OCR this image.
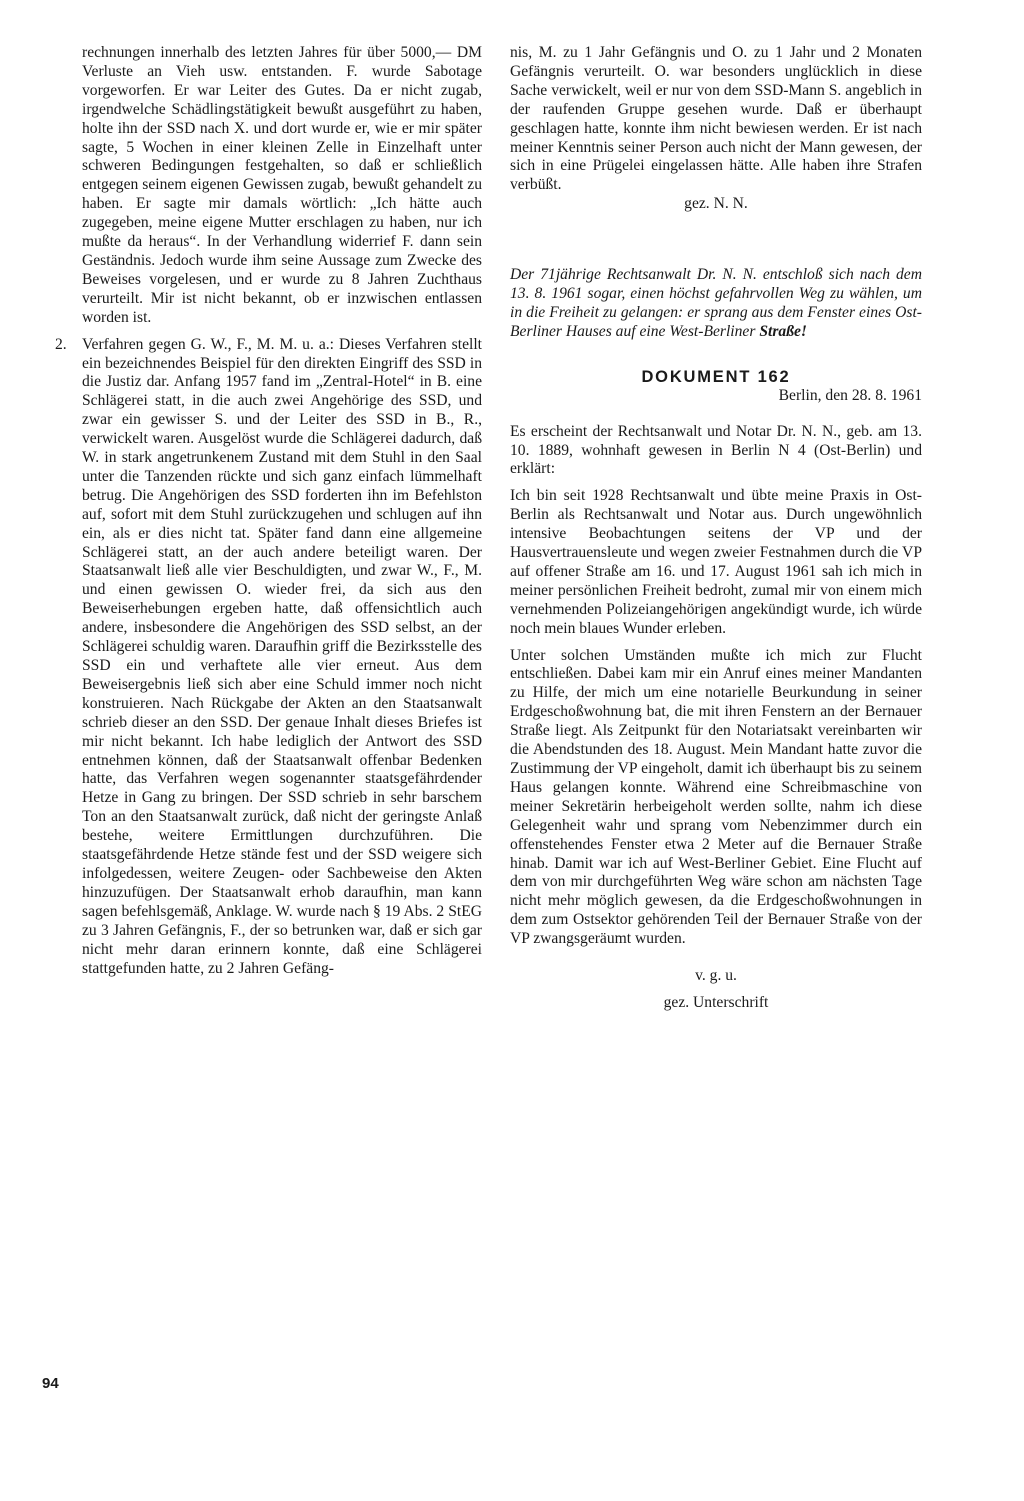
rechnungen innerhalb des letzten Jahres für über 5000,— DM Verluste an Vieh usw. entstanden. F. wurde Sabotage vorgeworfen. Er war Leiter des Gutes. Da er nicht zugab, irgendwelche Schädlingstätigkeit bewußt ausgeführt zu haben, holte ihn der SSD nach X. und dort wurde er, wie er mir später sagte, 5 Wochen in einer kleinen Zelle in Einzelhaft unter schweren Bedingungen festgehalten, so daß er schließlich entgegen seinem eigenen Gewissen zugab, bewußt gehandelt zu haben. Er sagte mir damals wörtlich: „Ich hätte auch zugegeben, meine eigene Mutter erschlagen zu haben, nur ich mußte da heraus“. In der Verhandlung widerrief F. dann sein Geständnis. Jedoch wurde ihm seine Aussage zum Zwecke des Beweises vorgelesen, und er wurde zu 8 Jahren Zuchthaus verurteilt. Mir ist nicht bekannt, ob er inzwischen entlassen worden ist.

2. Verfahren gegen G. W., F., M. M. u. a.: Dieses Verfahren stellt ein bezeichnendes Beispiel für den direkten Eingriff des SSD in die Justiz dar. Anfang 1957 fand im „Zentral-Hotel“ in B. eine Schlägerei statt, in die auch zwei Angehörige des SSD, und zwar ein gewisser S. und der Leiter des SSD in B., R., verwickelt waren. Ausgelöst wurde die Schlägerei dadurch, daß W. in stark angetrunkenem Zustand mit dem Stuhl in den Saal unter die Tanzenden rückte und sich ganz einfach lümmelhaft betrug. Die Angehörigen des SSD forderten ihn im Befehlston auf, sofort mit dem Stuhl zurückzugehen und schlugen auf ihn ein, als er dies nicht tat. Später fand dann eine allgemeine Schlägerei statt, an der auch andere beteiligt waren. Der Staatsanwalt ließ alle vier Beschuldigten, und zwar W., F., M. und einen gewissen O. wieder frei, da sich aus den Beweiserhebungen ergeben hatte, daß offensichtlich auch andere, insbesondere die Angehörigen des SSD selbst, an der Schlägerei schuldig waren. Daraufhin griff die Bezirksstelle des SSD ein und verhaftete alle vier erneut. Aus dem Beweisergebnis ließ sich aber eine Schuld immer noch nicht konstruieren. Nach Rückgabe der Akten an den Staatsanwalt schrieb dieser an den SSD. Der genaue Inhalt dieses Briefes ist mir nicht bekannt. Ich habe lediglich der Antwort des SSD entnehmen können, daß der Staatsanwalt offenbar Bedenken hatte, das Verfahren wegen sogenannter staatsgefährdender Hetze in Gang zu bringen. Der SSD schrieb in sehr barschem Ton an den Staatsanwalt zurück, daß nicht der geringste Anlaß bestehe, weitere Ermittlungen durchzuführen. Die staatsgefährdende Hetze stände fest und der SSD weigere sich infolgedessen, weitere Zeugen- oder Sachbeweise den Akten hinzuzufügen. Der Staatsanwalt erhob daraufhin, man kann sagen befehlsgemäß, Anklage. W. wurde nach § 19 Abs. 2 StEG zu 3 Jahren Gefängnis, F., der so betrunken war, daß er sich gar nicht mehr daran erinnern konnte, daß eine Schlägerei stattgefunden hatte, zu 2 Jahren Gefäng-

nis, M. zu 1 Jahr Gefängnis und O. zu 1 Jahr und 2 Monaten Gefängnis verurteilt. O. war besonders unglücklich in diese Sache verwickelt, weil er nur von dem SSD-Mann S. angeblich in der raufenden Gruppe gesehen wurde. Daß er überhaupt geschlagen hatte, konnte ihm nicht bewiesen werden. Er ist nach meiner Kenntnis seiner Person auch nicht der Mann gewesen, der sich in eine Prügelei eingelassen hätte. Alle haben ihre Strafen verbüßt.

gez. N. N.

Der 71jährige Rechtsanwalt Dr. N. N. entschloß sich nach dem 13. 8. 1961 sogar, einen höchst gefahrvollen Weg zu wählen, um in die Freiheit zu gelangen: er sprang aus dem Fenster eines Ost-Berliner Hauses auf eine West-Berliner Straße!

DOKUMENT 162

Berlin, den 28. 8. 1961

Es erscheint der Rechtsanwalt und Notar Dr. N. N., geb. am 13. 10. 1889, wohnhaft gewesen in Berlin N 4 (Ost-Berlin) und erklärt:

Ich bin seit 1928 Rechtsanwalt und übte meine Praxis in Ost-Berlin als Rechtsanwalt und Notar aus. Durch ungewöhnlich intensive Beobachtungen seitens der VP und der Hausvertrauensleute und wegen zweier Festnahmen durch die VP auf offener Straße am 16. und 17. August 1961 sah ich mich in meiner persönlichen Freiheit bedroht, zumal mir von einem mich vernehmenden Polizeiangehörigen angekündigt wurde, ich würde noch mein blaues Wunder erleben.

Unter solchen Umständen mußte ich mich zur Flucht entschließen. Dabei kam mir ein Anruf eines meiner Mandanten zu Hilfe, der mich um eine notarielle Beurkundung in seiner Erdgeschoßwohnung bat, die mit ihren Fenstern an der Bernauer Straße liegt. Als Zeitpunkt für den Notariatsakt vereinbarten wir die Abendstunden des 18. August. Mein Mandant hatte zuvor die Zustimmung der VP eingeholt, damit ich überhaupt bis zu seinem Haus gelangen konnte. Während eine Schreibmaschine von meiner Sekretärin herbeigeholt werden sollte, nahm ich diese Gelegenheit wahr und sprang vom Nebenzimmer durch ein offenstehendes Fenster etwa 2 Meter auf die Bernauer Straße hinab. Damit war ich auf West-Berliner Gebiet. Eine Flucht auf dem von mir durchgeführten Weg wäre schon am nächsten Tage nicht mehr möglich gewesen, da die Erdgeschoßwohnungen in dem zum Ostsektor gehörenden Teil der Bernauer Straße von der VP zwangsgeräumt wurden.

v. g. u.

gez. Unterschrift

94
